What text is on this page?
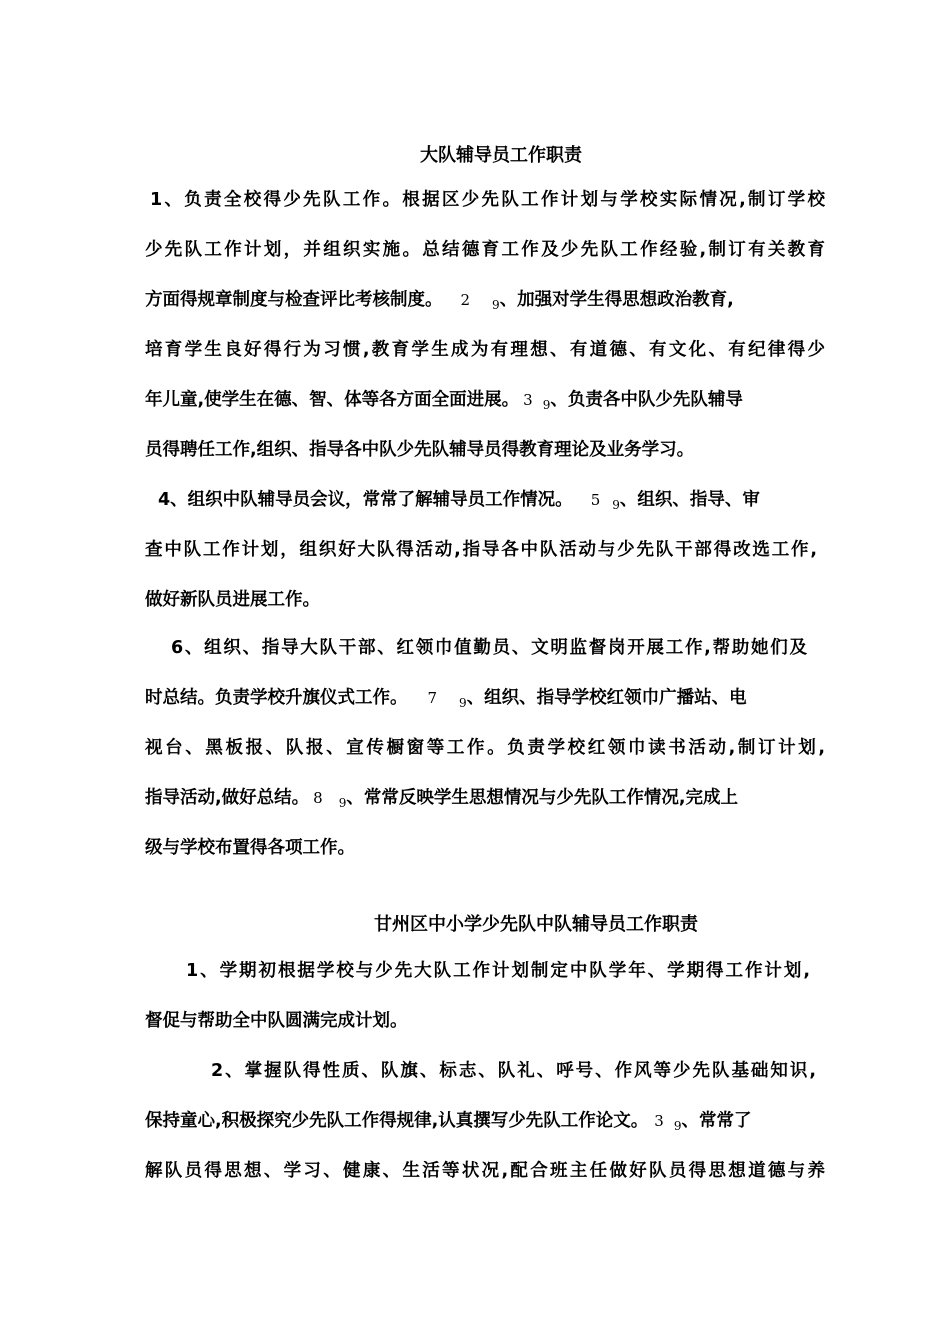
大队辅导员工作职责
1、负责全校得少先队工作。根据区少先队工作计划与学校实际情况,制订学校
少先队工作计划，并组织实施。总结德育工作及少先队工作经验,制订有关教育
方面得规章制度与检查评比考核制度。 2 $_9$、加强对学生得思想政治教育,
培育学生良好得行为习惯,教育学生成为有理想、有道德、有文化、有纪律得少
年儿童,使学生在德、智、体等各方面全面进展。 3 $_9$、负责各中队少先队辅导
员得聘任工作,组织、指导各中队少先队辅导员得教育理论及业务学习。
4、组织中队辅导员会议，常常了解辅导员工作情况。 5 $_9$、组织、指导、审
查中队工作计划，组织好大队得活动,指导各中队活动与少先队干部得改选工作,
做好新队员进展工作。
6、组织、指导大队干部、红领巾值勤员、文明监督岗开展工作,帮助她们及
时总结。负责学校升旗仪式工作。 7 $_9$、组织、指导学校红领巾广播站、电
视台、黑板报、队报、宣传橱窗等工作。负责学校红领巾读书活动,制订计划,
指导活动,做好总结。 8 $_9$、常常反映学生思想情况与少先队工作情况,完成上
级与学校布置得各项工作。
甘州区中小学少先队中队辅导员工作职责
1、学期初根据学校与少先大队工作计划制定中队学年、学期得工作计划,
督促与帮助全中队圆满完成计划。
2、掌握队得性质、队旗、标志、队礼、呼号、作风等少先队基础知识,
保持童心,积极探究少先队工作得规律,认真撰写少先队工作论文。 3 $_9$、常常了
解队员得思想、学习、健康、生活等状况,配合班主任做好队员得思想道德与养
